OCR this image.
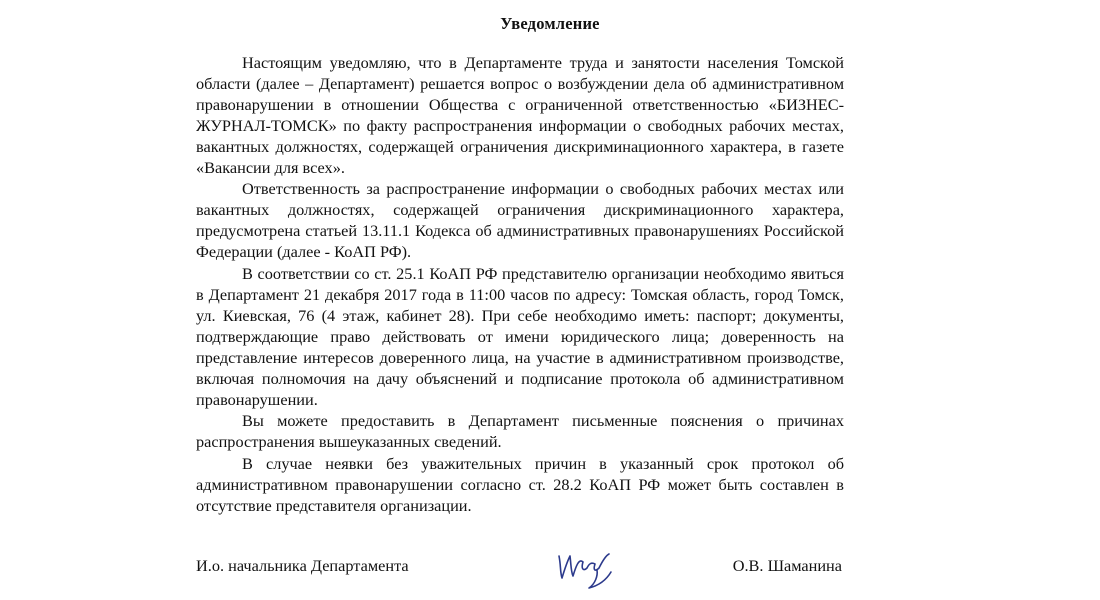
Уведомление

Настоящим уведомляю, что в Департаменте труда и занятости населения Томской области (далее – Департамент) решается вопрос о возбуждении дела об административном правонарушении в отношении Общества с ограниченной ответственностью «БИЗНЕС-ЖУРНАЛ-ТОМСК» по факту распространения информации о свободных рабочих местах, вакантных должностях, содержащей ограничения дискриминационного характера, в газете «Вакансии для всех».

Ответственность за распространение информации о свободных рабочих местах или вакантных должностях, содержащей ограничения дискриминационного характера, предусмотрена статьей 13.11.1 Кодекса об административных правонарушениях Российской Федерации (далее - КоАП РФ).

В соответствии со ст. 25.1 КоАП РФ представителю организации необходимо явиться в Департамент 21 декабря 2017 года в 11:00 часов по адресу: Томская область, город Томск, ул. Киевская, 76 (4 этаж, кабинет 28). При себе необходимо иметь: паспорт; документы, подтверждающие право действовать от имени юридического лица; доверенность на представление интересов доверенного лица, на участие в административном производстве, включая полномочия на дачу объяснений и подписание протокола об административном правонарушении.

Вы можете предоставить в Департамент письменные пояснения о причинах распространения вышеуказанных сведений.

В случае неявки без уважительных причин в указанный срок протокол об административном правонарушении согласно ст. 28.2 КоАП РФ может быть составлен в отсутствие представителя организации.

И.о. начальника Департамента	О.В. Шаманина
